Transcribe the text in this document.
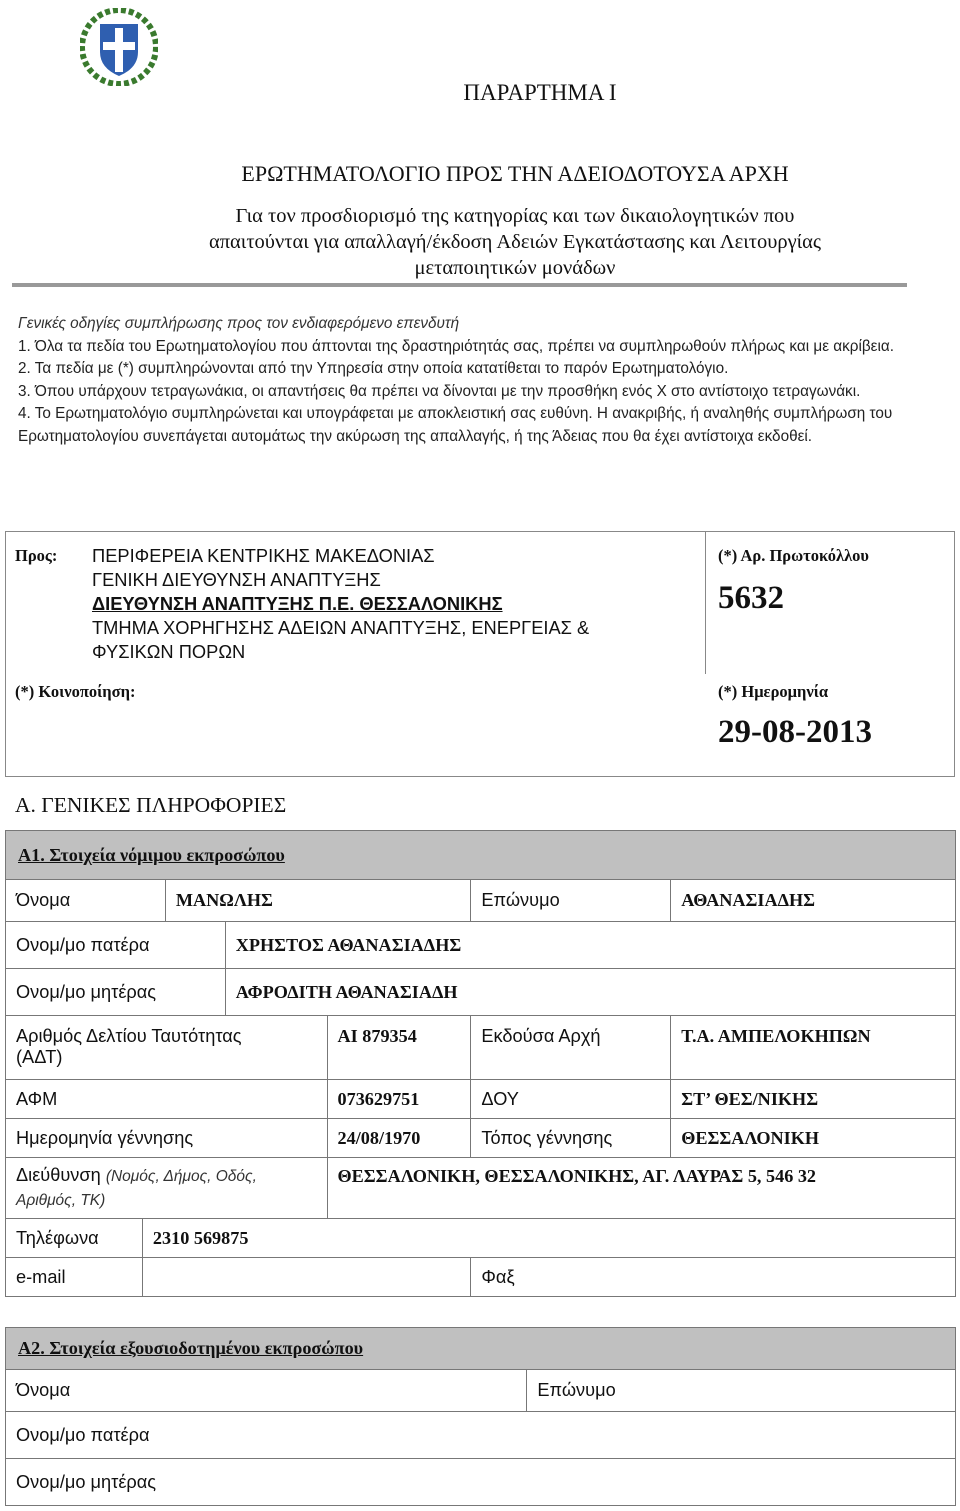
ΠΑΡΑΡΤΗΜΑ Ι
ΕΡΩΤΗΜΑΤΟΛΟΓΙΟ ΠΡΟΣ ΤΗΝ ΑΔΕΙΟΔΟΤΟΥΣΑ ΑΡΧΗ
Για τον προσδιορισμό της κατηγορίας και των δικαιολογητικών που
απαιτούνται για απαλλαγή/έκδοση Αδειών Εγκατάστασης και Λειτουργίας
μεταποιητικών μονάδων
Γενικές οδηγίες συμπλήρωσης προς τον ενδιαφερόμενο επενδυτή
1. Όλα τα πεδία του Ερωτηματολογίου που άπτονται της δραστηριότητάς σας, πρέπει να συμπληρωθούν πλήρως και με ακρίβεια.
2. Τα πεδία με (*) συμπληρώνονται από την Υπηρεσία στην οποία κατατίθεται το παρόν Ερωτηματολόγιο.
3. Όπου υπάρχουν τετραγωνάκια, οι απαντήσεις θα πρέπει να δίνονται με την προσθήκη ενός Χ στο αντίστοιχο τετραγωνάκι.
4. Το Ερωτηματολόγιο συμπληρώνεται και υπογράφεται με αποκλειστική σας ευθύνη. Η ανακριβής, ή αναληθής συμπλήρωση του Ερωτηματολογίου συνεπάγεται αυτομάτως την ακύρωση της απαλλαγής, ή της Άδειας που θα έχει αντίστοιχα εκδοθεί.
Προς: ΠΕΡΙΦΕΡΕΙΑ ΚΕΝΤΡΙΚΗΣ ΜΑΚΕΔΟΝΙΑΣ
ΓΕΝΙΚΗ ΔΙΕΥΘΥΝΣΗ ΑΝΑΠΤΥΞΗΣ
ΔΙΕΥΘΥΝΣΗ ΑΝΑΠΤΥΞΗΣ Π.Ε. ΘΕΣΣΑΛΟΝΙΚΗΣ
ΤΜΗΜΑ ΧΟΡΗΓΗΣΗΣ ΑΔΕΙΩΝ ΑΝΑΠΤΥΞΗΣ, ΕΝΕΡΓΕΙΑΣ &
ΦΥΣΙΚΩΝ ΠΟΡΩΝ
(*) Αρ. Πρωτοκόλλου
5632
(*) Κοινοποίηση:	(*) Ημερομηνία
29-08-2013
Α. ΓΕΝΙΚΕΣ ΠΛΗΡΟΦΟΡΙΕΣ
Α1. Στοιχεία νόμιμου εκπροσώπου						
Όνομα		ΜΑΝΩΛΗΣ			Επώνυμο	ΑΘΑΝΑΣΙΑΔΗΣ
Ονομ/μο πατέρα			ΧΡΗΣΤΟΣ ΑΘΑΝΑΣΙΑΔΗΣ			
Ονομ/μο μητέρας			ΑΦΡΟΔΙΤΗ ΑΘΑΝΑΣΙΑΔΗ			

Αριθμός Δελτίου Ταυτότητας
(ΑΔΤ)				ΑΙ 879354	Εκδούσα Αρχή	Τ.Α. ΑΜΠΕΛΟΚΗΠΩΝ
ΑΦΜ				073629751	ΔΟΥ	ΣΤ’ ΘΕΣ/ΝΙΚΗΣ
Ημερομηνία γέννησης				24/08/1970	Τόπος γέννησης	ΘΕΣΣΑΛΟΝΙΚΗ
Διεύθυνση (Νομός, Δήμος, Οδός,
Αριθμός, ΤΚ)				ΘΕΣΣΑΛΟΝΙΚΗ, ΘΕΣΣΑΛΟΝΙΚΗΣ, ΑΓ. ΛΑΥΡΑΣ 5, 546 32		
Τηλέφωνα	2310 569875					
e-mail					Φαξ	
Α2. Στοιχεία εξουσιοδοτημένου εκπροσώπου
Όνομα	Επώνυμο
Ονομ/μο πατέρα
Ονομ/μο μητέρας
